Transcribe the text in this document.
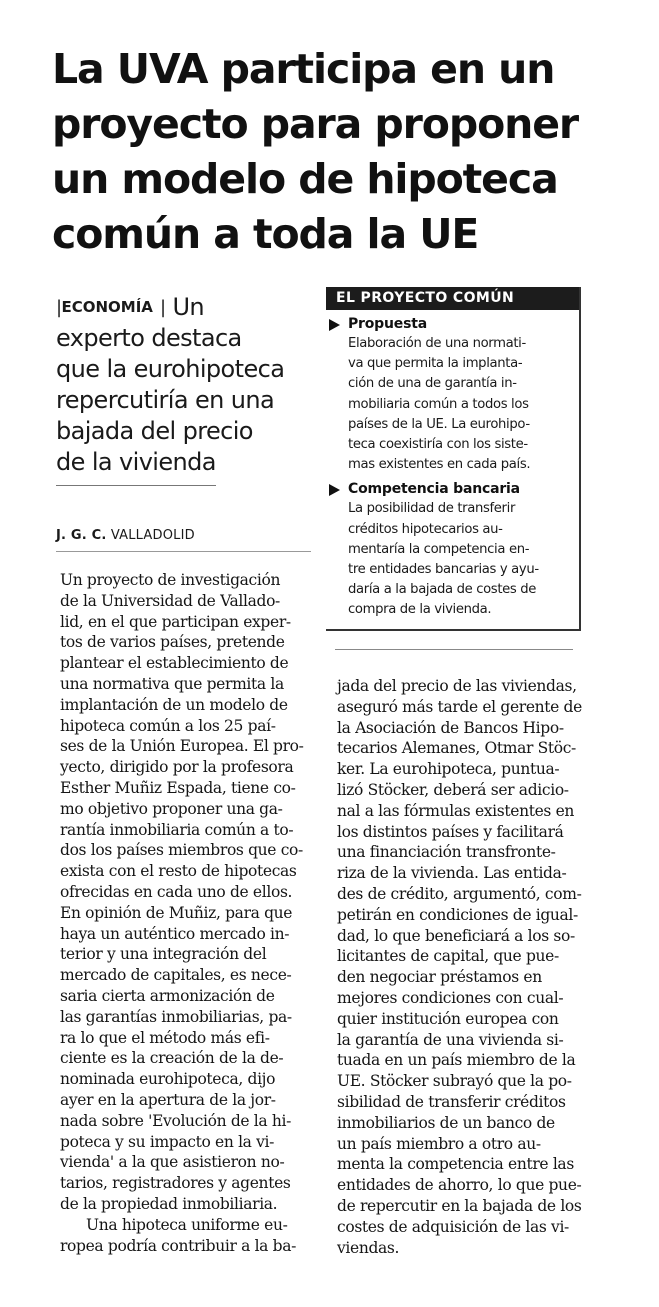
La UVA participa en un
proyecto para proponer
un modelo de hipoteca
común a toda la UE
|ECONOMÍA | Un
experto destaca
que la eurohipoteca
repercutiría en una
bajada del precio
de la vivienda
J. G. C. VALLADOLID
EL PROYECTO COMÚN
Propuesta
Elaboración de una normati-
va que permita la implanta-
ción de una de garantía in-
mobiliaria común a todos los
países de la UE. La eurohipo-
teca coexistiría con los siste-
mas existentes en cada país.
Competencia bancaria
La posibilidad de transferir
créditos hipotecarios au-
mentaría la competencia en-
tre entidades bancarias y ayu-
daría a la bajada de costes de
compra de la vivienda.
Un proyecto de investigación
de la Universidad de Vallado-
lid, en el que participan exper-
tos de varios países, pretende
plantear el establecimiento de
una normativa que permita la
implantación de un modelo de
hipoteca común a los 25 paí-
ses de la Unión Europea. El pro-
yecto, dirigido por la profesora
Esther Muñiz Espada, tiene co-
mo objetivo proponer una ga-
rantía inmobiliaria común a to-
dos los países miembros que co-
exista con el resto de hipotecas
ofrecidas en cada uno de ellos.
En opinión de Muñiz, para que
haya un auténtico mercado in-
terior y una integración del
mercado de capitales, es nece-
saria cierta armonización de
las garantías inmobiliarias, pa-
ra lo que el método más efi-
ciente es la creación de la de-
nominada eurohipoteca, dijo
ayer en la apertura de la jor-
nada sobre 'Evolución de la hi-
poteca y su impacto en la vi-
vienda' a la que asistieron no-
tarios, registradores y agentes
de la propiedad inmobiliaria.
Una hipoteca uniforme eu-
ropea podría contribuir a la ba-
jada del precio de las viviendas,
aseguró más tarde el gerente de
la Asociación de Bancos Hipo-
tecarios Alemanes, Otmar Stöc-
ker. La eurohipoteca, puntua-
lizó Stöcker, deberá ser adicio-
nal a las fórmulas existentes en
los distintos países y facilitará
una financiación transfronte-
riza de la vivienda. Las entida-
des de crédito, argumentó, com-
petirán en condiciones de igual-
dad, lo que beneficiará a los so-
licitantes de capital, que pue-
den negociar préstamos en
mejores condiciones con cual-
quier institución europea con
la garantía de una vivienda si-
tuada en un país miembro de la
UE. Stöcker subrayó que la po-
sibilidad de transferir créditos
inmobiliarios de un banco de
un país miembro a otro au-
menta la competencia entre las
entidades de ahorro, lo que pue-
de repercutir en la bajada de los
costes de adquisición de las vi-
viendas.
